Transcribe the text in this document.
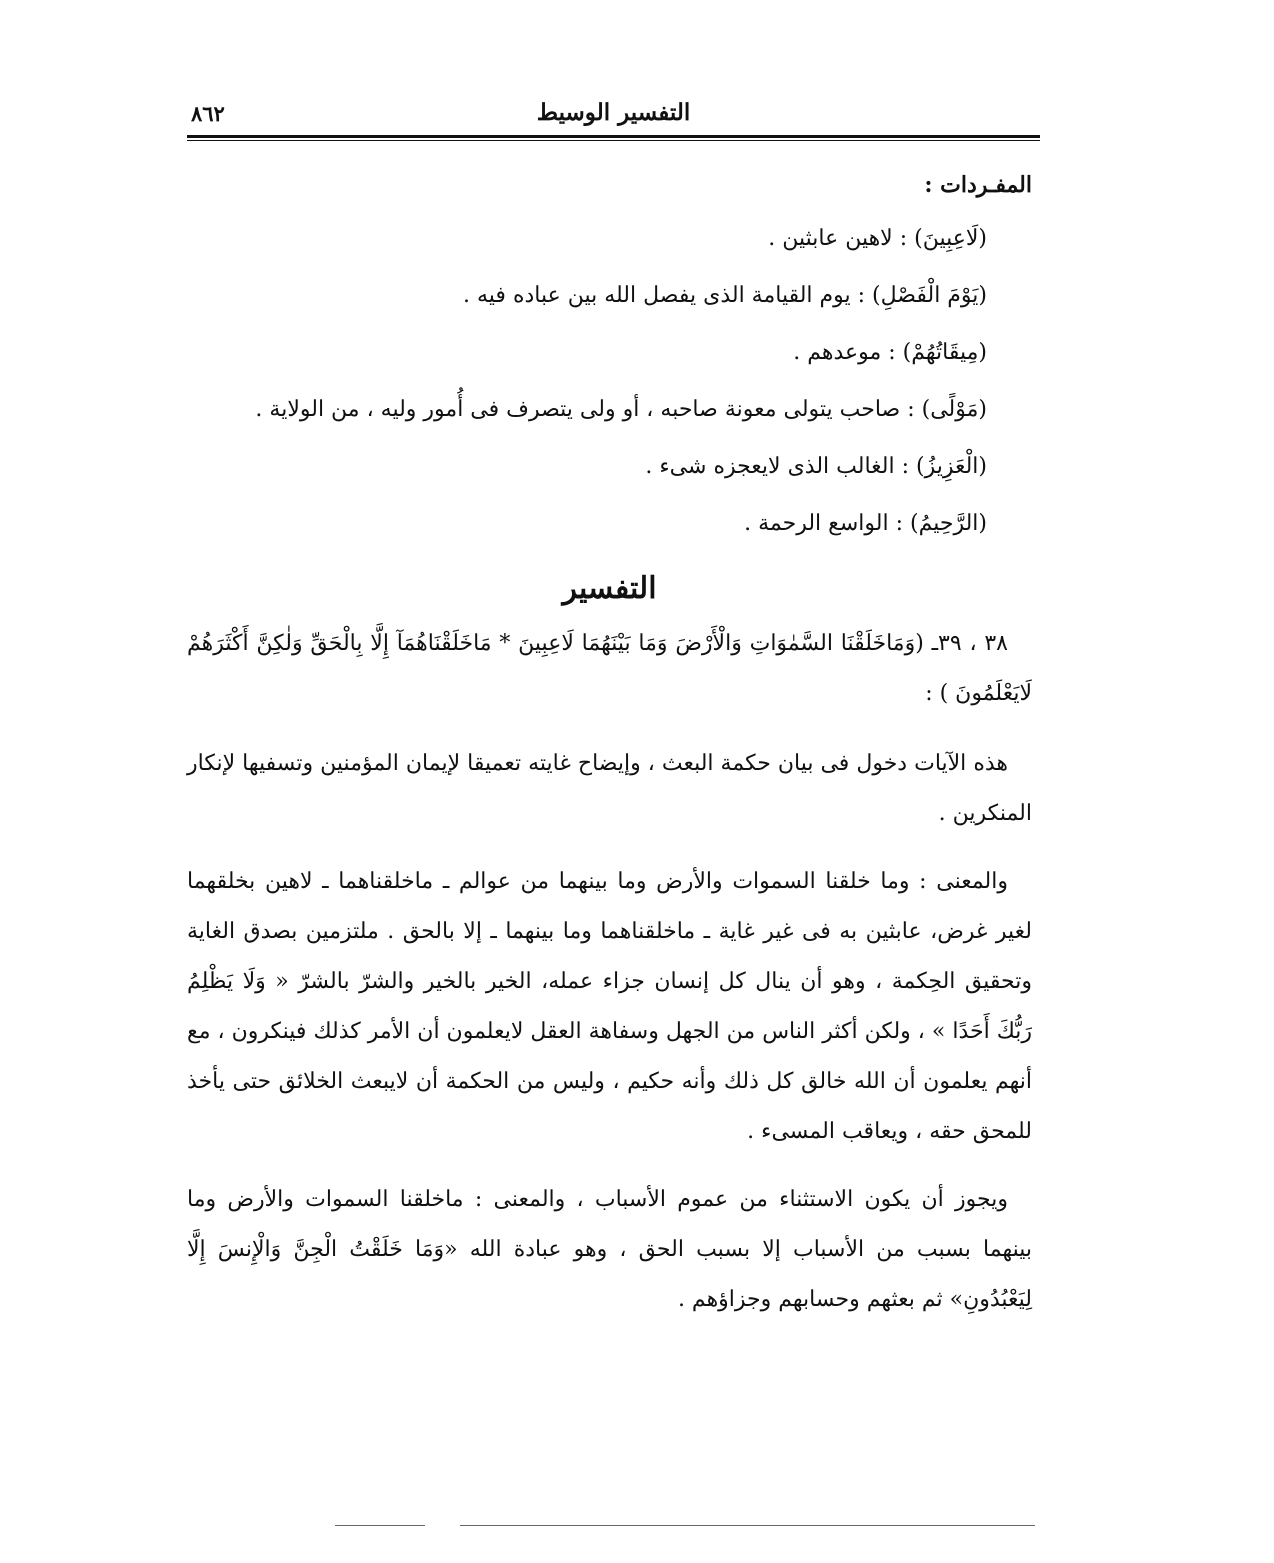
التفسير الوسيط
٨٦٢
المفـردات :
(لَاعِبِينَ) : لاهين عابثين .
(يَوْمَ الْفَصْلِ) : يوم القيامة الذى يفصل الله بين عباده فيه .
(مِيقَاتُهُمْ) : موعدهم .
(مَوْلًى) : صاحب يتولى معونة صاحبه ، أو ولى يتصرف فى أُمور وليه ، من الولاية .
(الْعَزِيزُ) : الغالب الذى لايعجزه شىء .
(الرَّحِيمُ) : الواسع الرحمة .
التفسير
٣٨ ، ٣٩ـ (وَمَاخَلَقْنَا السَّمٰوَاتِ وَالْأَرْضَ وَمَا بَيْنَهُمَا لَاعِبِينَ * مَاخَلَقْنَاهُمَآ إِلَّا بِالْحَقِّ وَلٰكِنَّ أَكْثَرَهُمْ لَايَعْلَمُونَ ) :
هذه الآيات دخول فى بيان حكمة البعث ، وإيضاح غايته تعميقا لإيمان المؤمنين وتسفيها لإنكار المنكرين .
والمعنى : وما خلقنا السموات والأرض وما بينهما من عوالم ـ ماخلقناهما ـ لاهين بخلقهما لغير غرض، عابثين به فى غير غاية ـ ماخلقناهما وما بينهما ـ إلا بالحق . ملتزمين بصدق الغاية وتحقيق الحِكمة ، وهو أن ينال كل إنسان جزاء عمله، الخير بالخير والشرّ بالشرّ « وَلَا يَظْلِمُ رَبُّكَ أَحَدًا » ، ولكن أكثر الناس من الجهل وسفاهة العقل لايعلمون أن الأمر كذلك فينكرون ، مع أنهم يعلمون أن الله خالق كل ذلك وأنه حكيم ، وليس من الحكمة أن لايبعث الخلائق حتى يأخذ للمحق حقه ، ويعاقب المسىء .
ويجوز أن يكون الاستثناء من عموم الأسباب ، والمعنى : ماخلقنا السموات والأرض وما بينهما بسبب من الأسباب إلا بسبب الحق ، وهو عبادة الله «وَمَا خَلَقْتُ الْجِنَّ وَالْإِنسَ إِلَّا لِيَعْبُدُونِ» ثم بعثهم وحسابهم وجزاؤهم .
